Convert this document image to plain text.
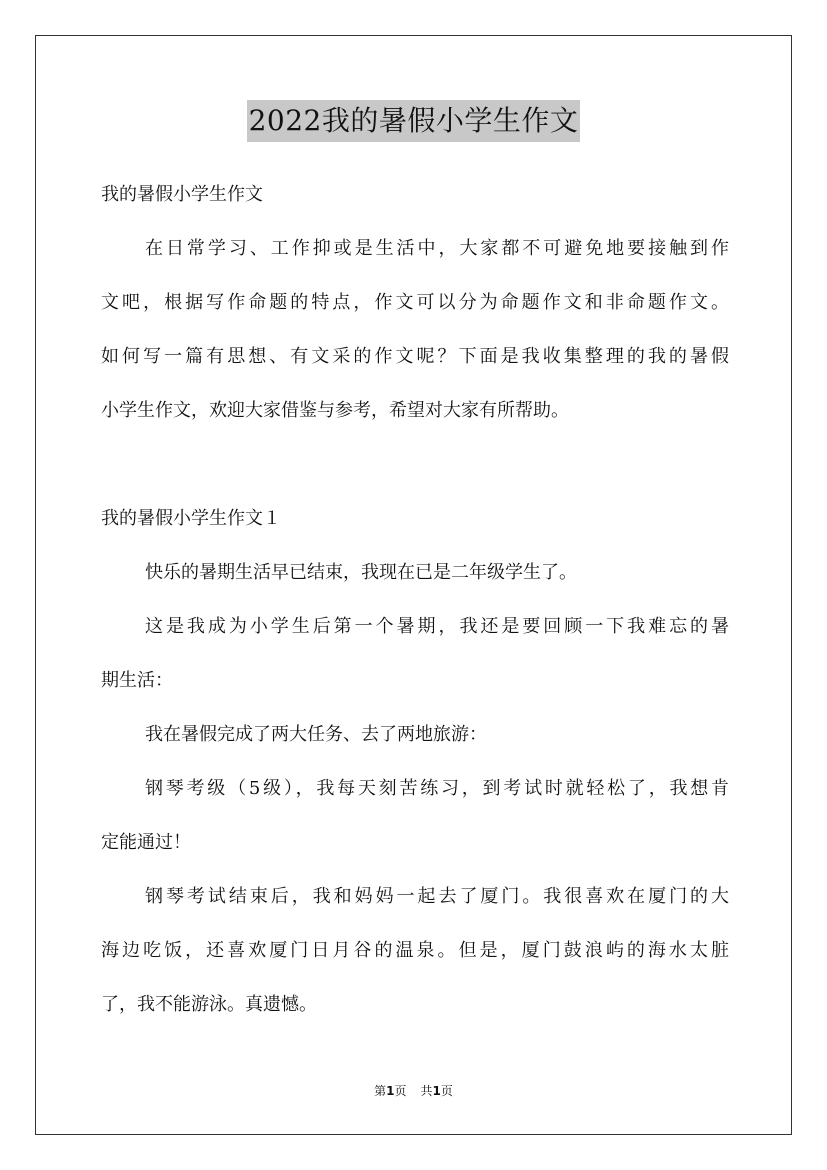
2022我的暑假小学生作文

我的暑假小学生作文

在日常学习、工作抑或是生活中，大家都不可避免地要接触到作

文吧，根据写作命题的特点，作文可以分为命题作文和非命题作文。

如何写一篇有思想、有文采的作文呢？下面是我收集整理的我的暑假

小学生作文，欢迎大家借鉴与参考，希望对大家有所帮助。

我的暑假小学生作文１

快乐的暑期生活早已结束，我现在已是二年级学生了。

这是我成为小学生后第一个暑期，我还是要回顾一下我难忘的暑

期生活：

我在暑假完成了两大任务、去了两地旅游：

钢琴考级（5级），我每天刻苦练习，到考试时就轻松了，我想肯

定能通过！

钢琴考试结束后，我和妈妈一起去了厦门。我很喜欢在厦门的大

海边吃饭，还喜欢厦门日月谷的温泉。但是，厦门鼓浪屿的海水太脏

了，我不能游泳。真遗憾。

第1页 共1页
